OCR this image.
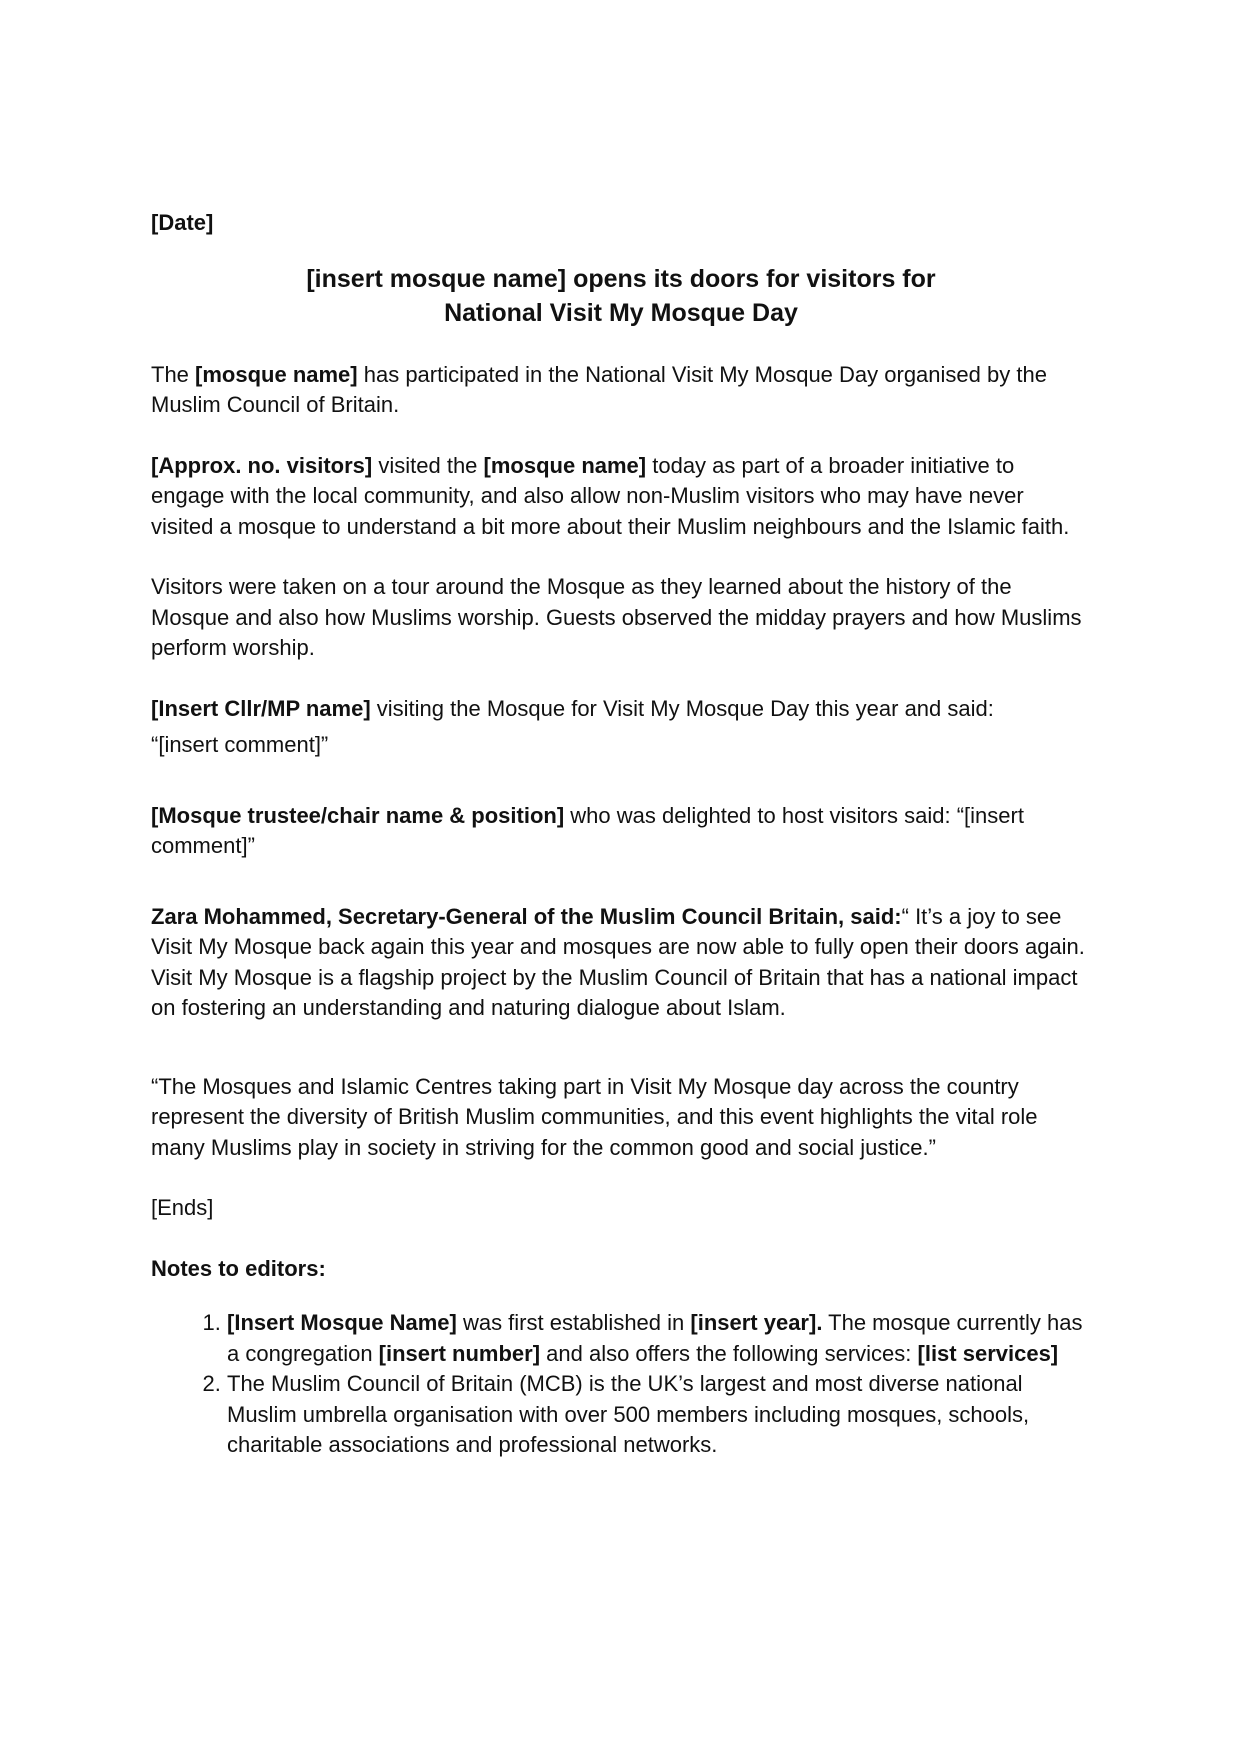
[Date]
[insert mosque name] opens its doors for visitors for
National Visit My Mosque Day

The [mosque name] has participated in the National Visit My Mosque Day organised by the Muslim Council of Britain.

[Approx. no. visitors] visited the [mosque name] today as part of a broader initiative to engage with the local community, and also allow non-Muslim visitors who may have never visited a mosque to understand a bit more about their Muslim neighbours and the Islamic faith.

Visitors were taken on a tour around the Mosque as they learned about the history of the Mosque and also how Muslims worship. Guests observed the midday prayers and how Muslims perform worship.

[Insert Cllr/MP name] visiting the Mosque for Visit My Mosque Day this year and said:
“[insert comment]”

[Mosque trustee/chair name & position] who was delighted to host visitors said: “[insert comment]”

Zara Mohammed, Secretary-General of the Muslim Council Britain, said:“ It’s a joy to see Visit My Mosque back again this year and mosques are now able to fully open their doors again. Visit My Mosque is a flagship project by the Muslim Council of Britain that has a national impact on fostering an understanding and naturing dialogue about Islam.

“The Mosques and Islamic Centres taking part in Visit My Mosque day across the country represent the diversity of British Muslim communities, and this event highlights the vital role many Muslims play in society in striving for the common good and social justice.”

[Ends]

Notes to editors:
1. [Insert Mosque Name] was first established in [insert year]. The mosque currently has a congregation [insert number] and also offers the following services: [list services]
2. The Muslim Council of Britain (MCB) is the UK’s largest and most diverse national Muslim umbrella organisation with over 500 members including mosques, schools, charitable associations and professional networks.
